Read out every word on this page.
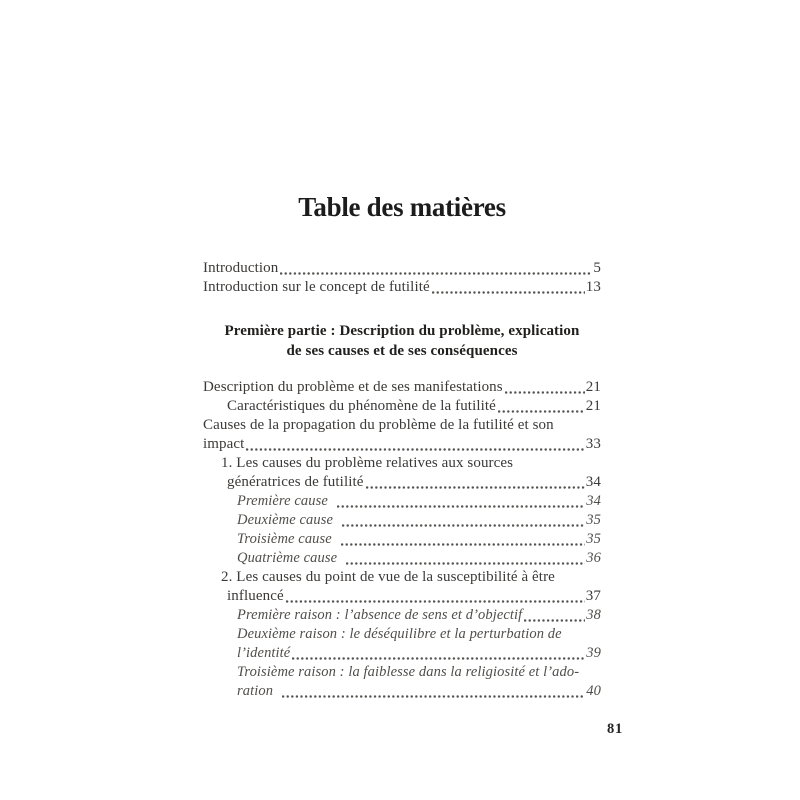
Table des matières
Introduction	5
Introduction sur le concept de futilité	13
Première partie : Description du problème, explication
de ses causes et de ses conséquences
Description du problème et de ses manifestations	21
Caractéristiques du phénomène de la futilité	21
Causes de la propagation du problème de la futilité et son
impact	33
1. Les causes du problème relatives aux sources
génératrices de futilité	34
Première cause	34
Deuxième cause	35
Troisième cause	35
Quatrième cause	36
2. Les causes du point de vue de la susceptibilité à être
influencé	37
Première raison : l’absence de sens et d’objectif	38
Deuxième raison : le déséquilibre et la perturbation de
l’identité	39
Troisième raison : la faiblesse dans la religiosité et l’ado-
ration	40
81
